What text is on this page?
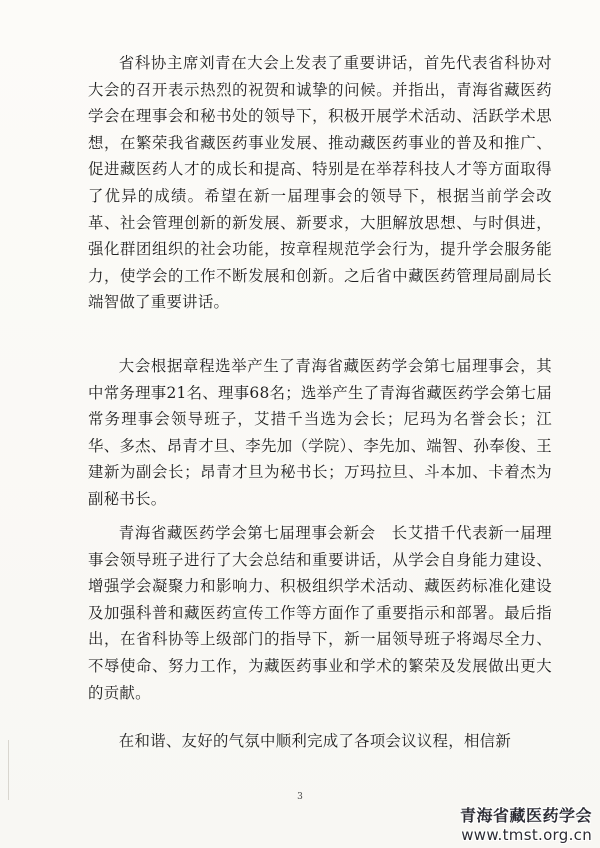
省科协主席刘青在大会上发表了重要讲话，首先代表省科协对大会的召开表示热烈的祝贺和诚挚的问候。并指出，青海省藏医药学会在理事会和秘书处的领导下，积极开展学术活动、活跃学术思想，在繁荣我省藏医药事业发展、推动藏医药事业的普及和推广、促进藏医药人才的成长和提高、特别是在举荐科技人才等方面取得了优异的成绩。希望在新一届理事会的领导下，根据当前学会改革、社会管理创新的新发展、新要求，大胆解放思想、与时俱进，强化群团组织的社会功能，按章程规范学会行为，提升学会服务能力，使学会的工作不断发展和创新。之后省中藏医药管理局副局长端智做了重要讲话。

大会根据章程选举产生了青海省藏医药学会第七届理事会，其中常务理事21名、理事68名；选举产生了青海省藏医药学会第七届常务理事会领导班子，艾措千当选为会长；尼玛为名誉会长；江华、多杰、昂青才旦、李先加（学院）、李先加、端智、孙奉俊、王建新为副会长；昂青才旦为秘书长；万玛拉旦、斗本加、卡着杰为副秘书长。

青海省藏医药学会第七届理事会新会　长艾措千代表新一届理事会领导班子进行了大会总结和重要讲话，从学会自身能力建设、增强学会凝聚力和影响力、积极组织学术活动、藏医药标准化建设及加强科普和藏医药宣传工作等方面作了重要指示和部署。最后指出，在省科协等上级部门的指导下，新一届领导班子将竭尽全力、不辱使命、努力工作，为藏医药事业和学术的繁荣及发展做出更大的贡献。

在和谐、友好的气氛中顺利完成了各项会议议程，相信新

3
青海省藏医药学会
www.tmst.org.cn
